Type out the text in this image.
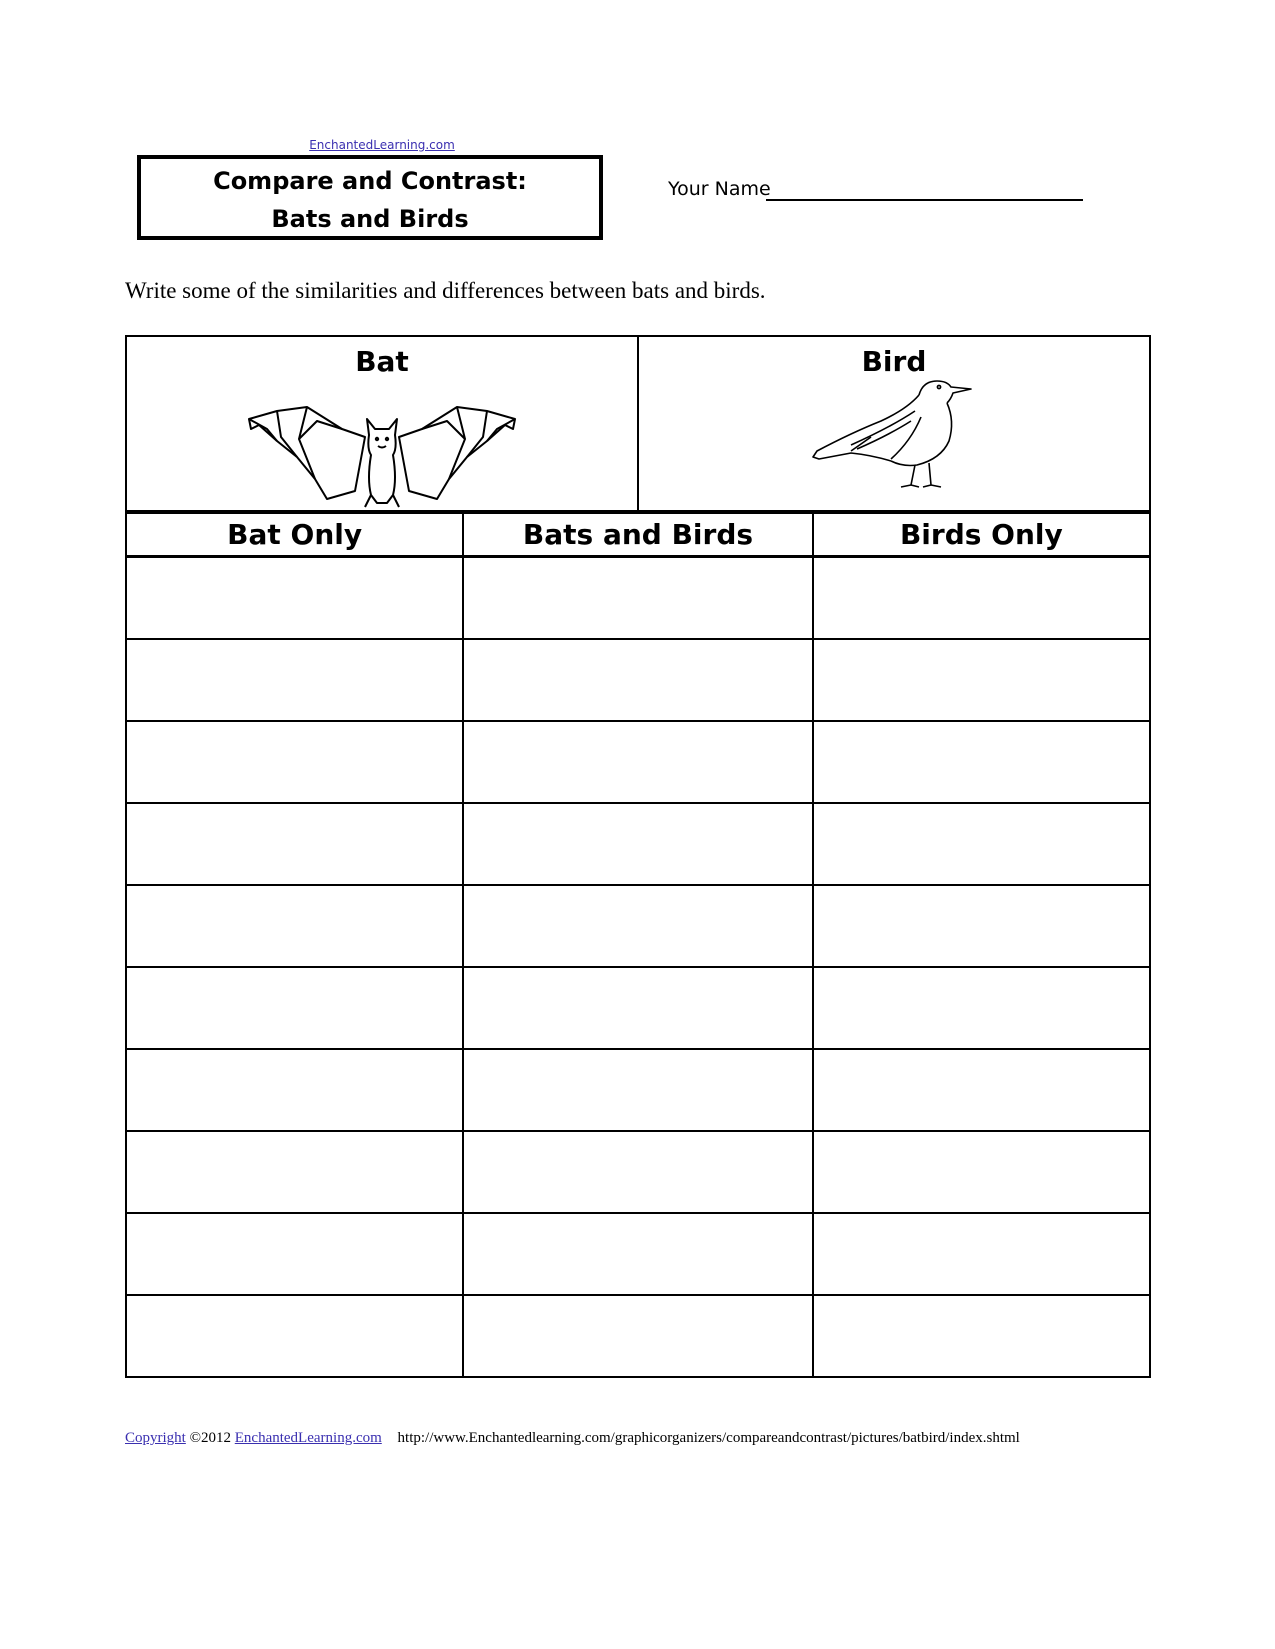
EnchantedLearning.com
Compare and Contrast:
Bats and Birds
Your Name
Write some of the similarities and differences between bats and birds.
Bat	Bird
Bat Only	Bats and Birds	Birds Only

Copyright ©2012 EnchantedLearning.com http://www.Enchantedlearning.com/graphicorganizers/compareandcontrast/pictures/batbird/index.shtml
